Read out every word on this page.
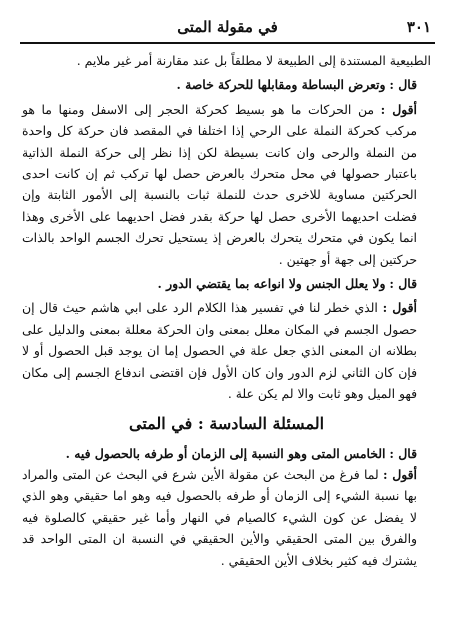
٣٠١
في مقولة المتى

الطبيعية المستندة إلى الطبيعة لا مطلقاً بل عند مقارنة أمر غير ملايم .

قال : وتعرض البساطة ومقابلها للحركة خاصة .

أقول : من الحركات ما هو بسيط كحركة الحجر إلى الاسفل ومنها ما هو مركب كحركة النملة على الرحي إذا اختلفا في المقصد فان حركة كل واحدة من النملة والرحى وان كانت بسيطة لكن إذا نظر إلى حركة النملة الذاتية باعتبار حصولها في محل متحرك بالعرض حصل لها تركب ثم إن كانت احدى الحركتين مساوية للاخرى حدث للنملة ثبات بالنسبة إلى الأمور الثابتة وإن فضلت احديهما الأخرى حصل لها حركة بقدر فضل احديهما على الأخرى وهذا انما يكون في متحرك يتحرك بالعرض إذ يستحيل تحرك الجسم الواحد بالذات حركتين إلى جهة أو جهتين .

قال : ولا يعلل الجنس ولا انواعه بما يقتضي الدور .

أقول : الذي خطر لنا في تفسير هذا الكلام الرد على ابي هاشم حيث قال إن حصول الجسم في المكان معلل بمعنى وان الحركة معللة بمعنى والدليل على بطلانه ان المعنى الذي جعل علة في الحصول إما ان يوجد قبل الحصول أو لا فإن كان الثاني لزم الدور وان كان الأول فإن اقتضى اندفاع الجسم إلى مكان فهو الميل وهو ثابت والا لم يكن علة .

المسئلة السادسة : في المتى

قال : الخامس المتى وهو النسبة إلى الزمان أو طرفه بالحصول فيه .

أقول : لما فرغ من البحث عن مقولة الأين شرع في البحث عن المتى والمراد بها نسبة الشيء إلى الزمان أو طرفه بالحصول فيه وهو اما حقيقي وهو الذي لا يفضل عن كون الشيء كالصيام في النهار وأما غير حقيقي كالصلوة فيه والفرق بين المتى الحقيقي والأين الحقيقي في النسبة ان المتى الواحد قد يشترك فيه كثير بخلاف الأين الحقيقي .
